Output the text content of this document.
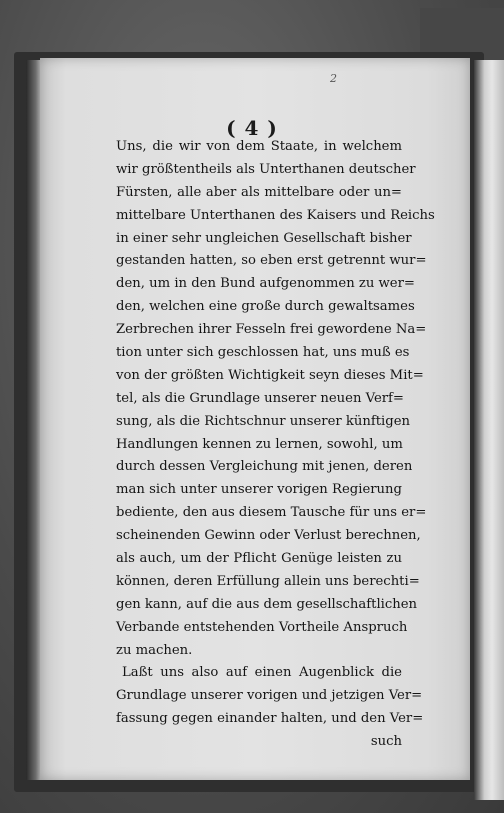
2
( 4 )
Uns, die wir von dem Staate, in welchem
wir größtentheils als Unterthanen deutscher
Fürsten, alle aber als mittelbare oder un=
mittelbare Unterthanen des Kaisers und Reichs
in einer sehr ungleichen Gesellschaft bisher
gestanden hatten, so eben erst getrennt wur=
den, um in den Bund aufgenommen zu wer=
den, welchen eine große durch gewaltsames
Zerbrechen ihrer Fesseln frei gewordene Na=
tion unter sich geschlossen hat, uns muß es
von der größten Wichtigkeit seyn dieses Mit=
tel, als die Grundlage unserer neuen Verf=
sung, als die Richtschnur unserer künftigen
Handlungen kennen zu lernen, sowohl, um
durch dessen Vergleichung mit jenen, deren
man sich unter unserer vorigen Regierung
bediente, den aus diesem Tausche für uns er=
scheinenden Gewinn oder Verlust berechnen,
als auch, um der Pflicht Genüge leisten zu
können, deren Erfüllung allein uns berechti=
gen kann, auf die aus dem gesellschaftlichen
Verbande entstehenden Vortheile Anspruch
zu machen.
Laßt uns also auf einen Augenblick die
Grundlage unserer vorigen und jetzigen Ver=
fassung gegen einander halten, und den Ver=
such
